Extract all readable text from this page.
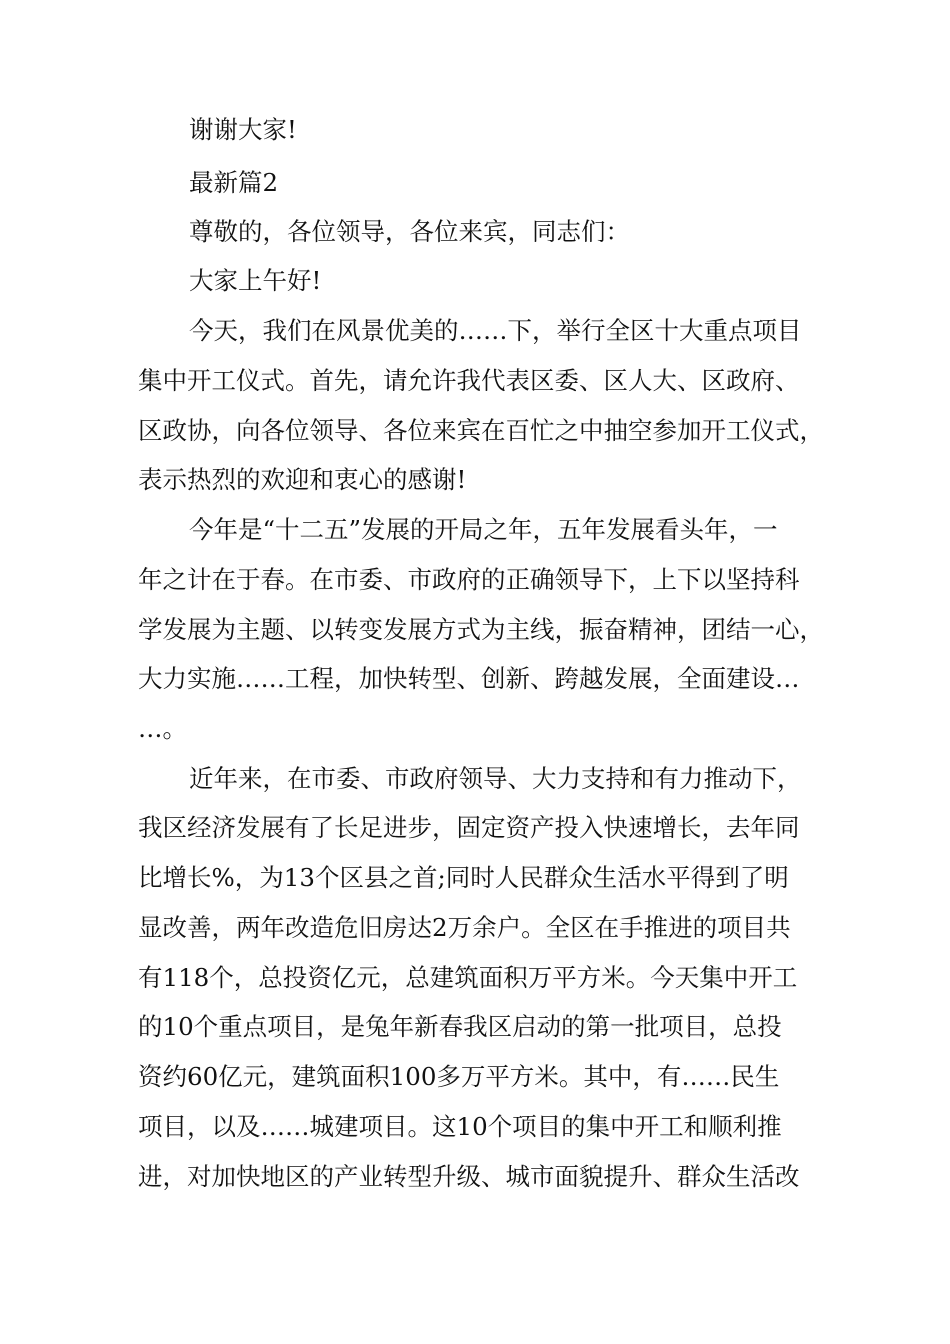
谢谢大家!
最新篇2
尊敬的，各位领导，各位来宾，同志们：
大家上午好!
今天，我们在风景优美的……下，举行全区十大重点项目
集中开工仪式。首先，请允许我代表区委、区人大、区政府、
区政协，向各位领导、各位来宾在百忙之中抽空参加开工仪式，
表示热烈的欢迎和衷心的感谢!
今年是“十二五”发展的开局之年，五年发展看头年，一
年之计在于春。在市委、市政府的正确领导下，上下以坚持科
学发展为主题、以转变发展方式为主线，振奋精神，团结一心，
大力实施……工程，加快转型、创新、跨越发展，全面建设…
…。
近年来，在市委、市政府领导、大力支持和有力推动下，
我区经济发展有了长足进步，固定资产投入快速增长，去年同
比增长%，为13个区县之首;同时人民群众生活水平得到了明
显改善，两年改造危旧房达2万余户。全区在手推进的项目共
有118个，总投资亿元，总建筑面积万平方米。今天集中开工
的10个重点项目，是兔年新春我区启动的第一批项目，总投
资约60亿元，建筑面积100多万平方米。其中，有……民生
项目，以及……城建项目。这10个项目的集中开工和顺利推
进，对加快地区的产业转型升级、城市面貌提升、群众生活改
